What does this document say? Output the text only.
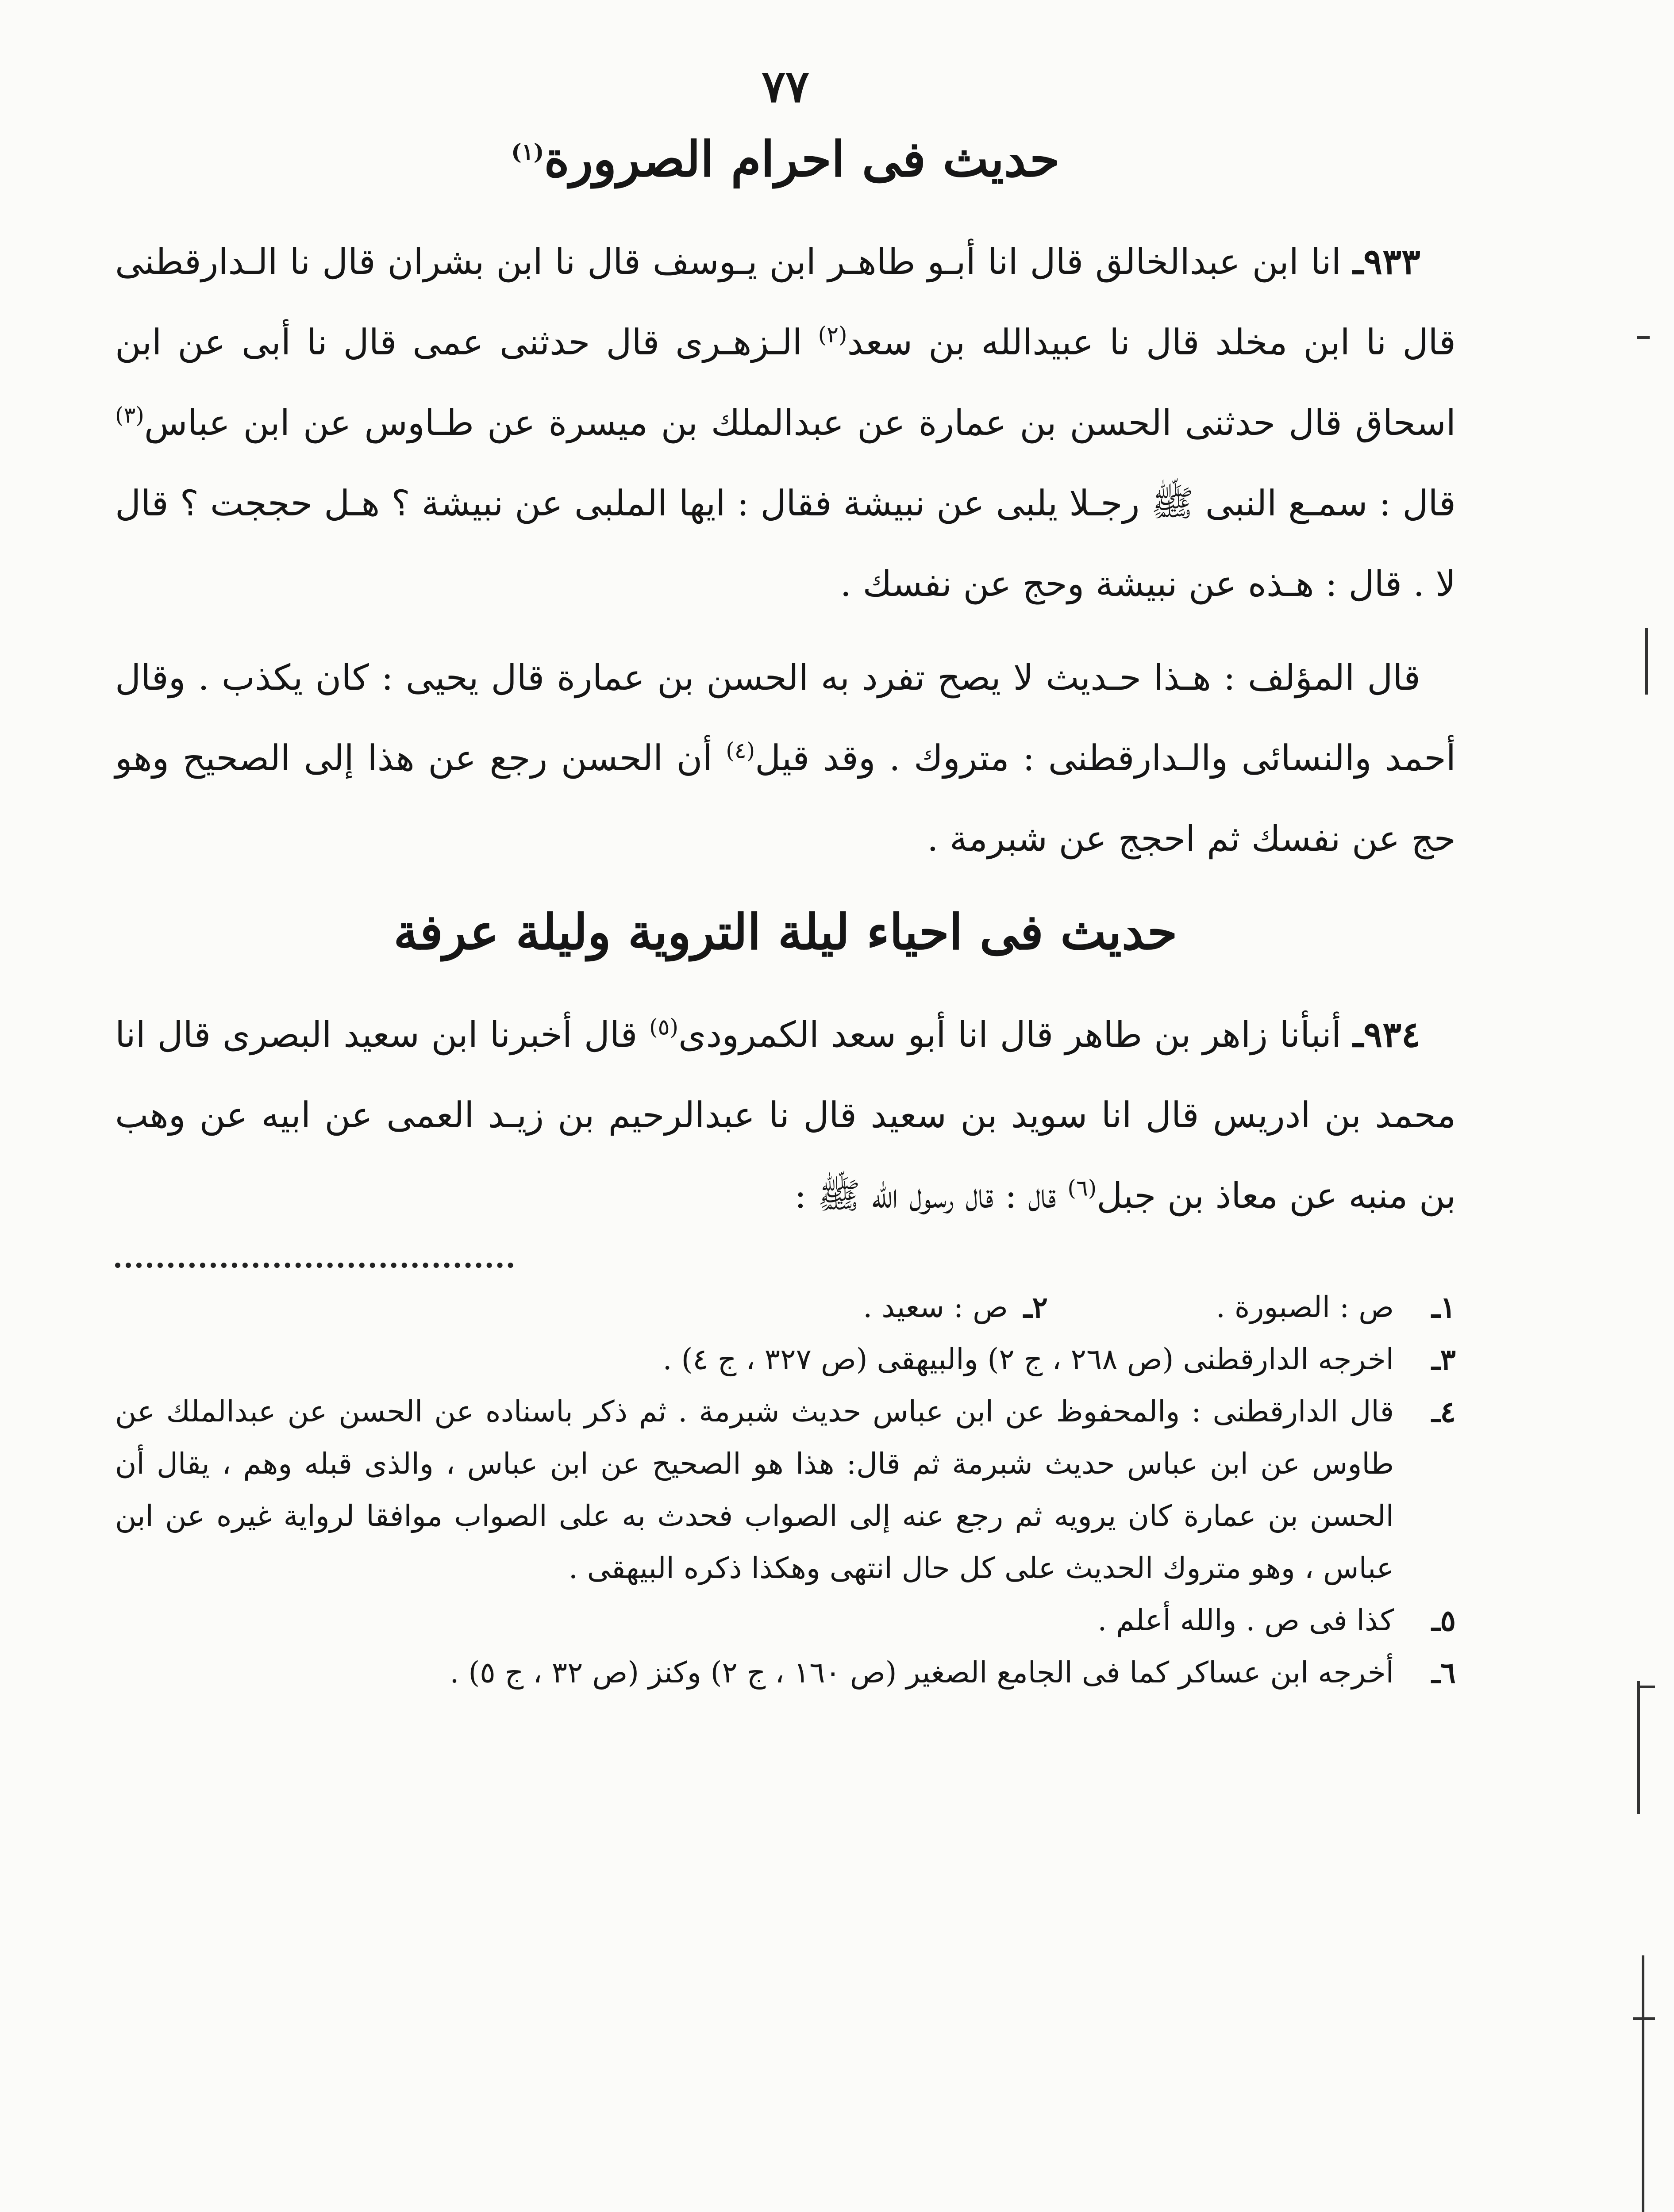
٧٧
حديث فى احرام الصرورة$^{(١)}$

٩٣٣ـ انا ابن عبدالخالق قال انا أبـو طاهـر ابن يـوسف قال نا ابن بشران قال نا الـدارقطنى قال نا ابن مخلد قال نا عبيدالله بن سعد$^{(٢)}$ الـزهـرى قال حدثنى عمى قال نا أبى عن ابن اسحاق قال حدثنى الحسن بن عمارة عن عبدالملك بن ميسرة عن طـاوس عن ابن عباس$^{(٣)}$ قال : سمـع النبى ﷺ رجـلا يلبى عن نبيشة فقال : ايها الملبى عن نبيشة ؟ هـل حججت ؟ قال لا . قال : هـذه عن نبيشة وحج عن نفسك .

قال المؤلف : هـذا حـديث لا يصح تفرد به الحسن بن عمارة قال يحيى : كان يكذب . وقال أحمد والنسائى والـدارقطنى : متروك . وقد قيل$^{(٤)}$ أن الحسن رجع عن هذا إلى الصحيح وهو حج عن نفسك ثم احجج عن شبرمة .

حديث فى احياء ليلة التروية وليلة عرفة

٩٣٤ـ أنبأنا زاهر بن طاهر قال انا أبو سعد الكمرودى$^{(٥)}$ قال أخبرنا ابن سعيد البصرى قال انا محمد بن ادريس قال انا سويد بن سعيد قال نا عبدالرحيم بن زيـد العمى عن ابيه عن وهب بن منبه عن معاذ بن جبل$^{(٦)}$ قال : قال رسول الله ﷺ :

١ـ
ص : الصبورة .
٢ـ
ص : سعيد .
٣ـ
اخرجه الدارقطنى (ص ٢٦٨ ، ج ٢) والبيهقى (ص ٣٢٧ ، ج ٤) .
٤ـ
قال الدارقطنى : والمحفوظ عن ابن عباس حديث شبرمة . ثم ذكر باسناده عن الحسن عن عبدالملك عن طاوس عن ابن عباس حديث شبرمة ثم قال: هذا هو الصحيح عن ابن عباس ، والذى قبله وهم ، يقال أن الحسن بن عمارة كان يرويه ثم رجع عنه إلى الصواب فحدث به على الصواب موافقا لرواية غيره عن ابن عباس ، وهو متروك الحديث على كل حال انتهى وهكذا ذكره البيهقى .
٥ـ
كذا فى ص . والله أعلم .
٦ـ
أخرجه ابن عساكر كما فى الجامع الصغير (ص ١٦٠ ، ج ٢) وكنز (ص ٣٢ ، ج ٥) .
